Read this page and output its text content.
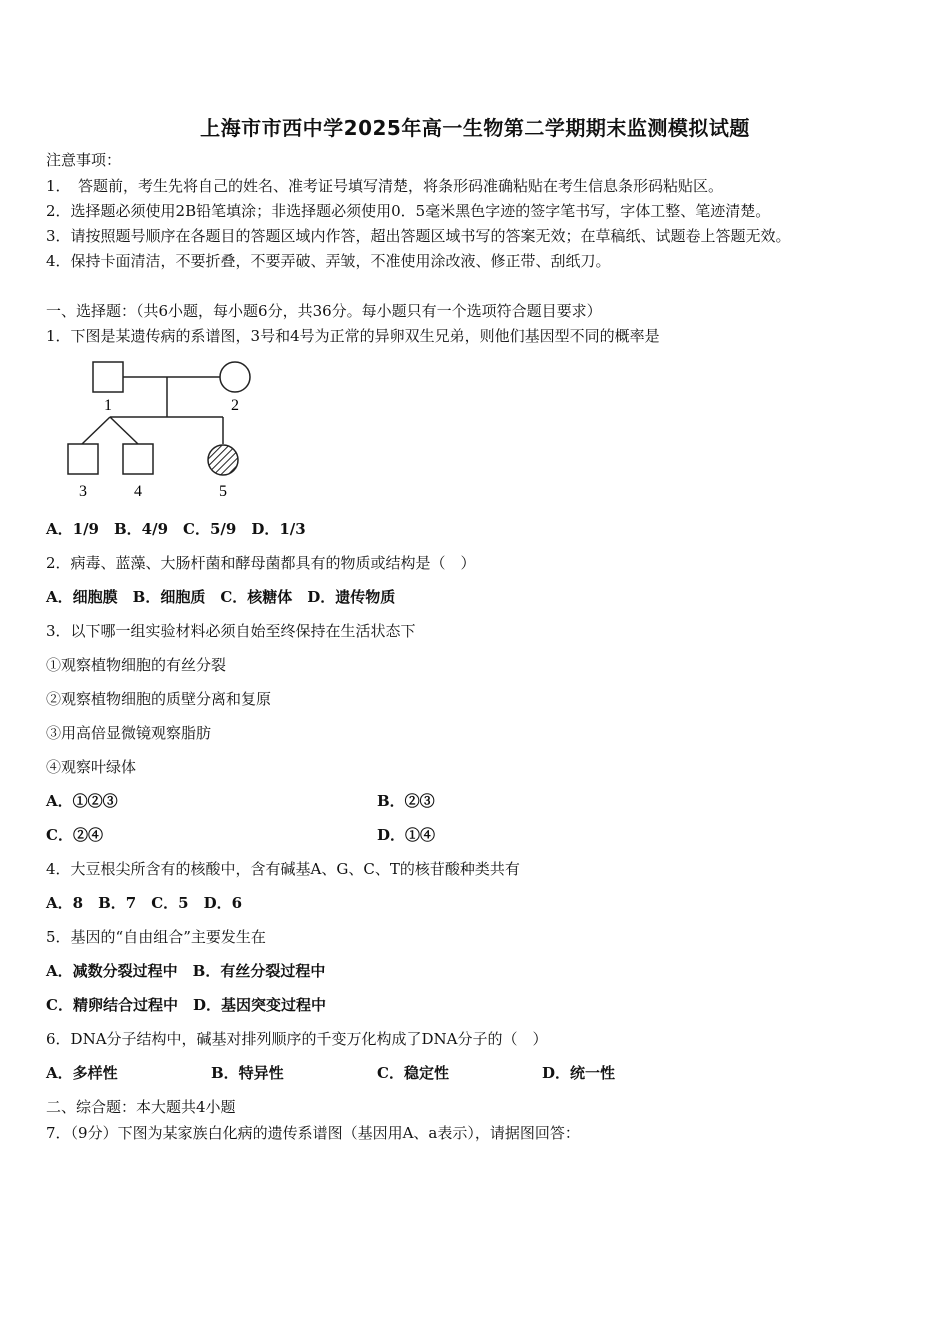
上海市市西中学2025年高一生物第二学期期末监测模拟试题
注意事项：
1．　答题前，考生先将自己的姓名、准考证号填写清楚，将条形码准确粘贴在考生信息条形码粘贴区。
2．选择题必须使用2B铅笔填涂；非选择题必须使用0．5毫米黑色字迹的签字笔书写，字体工整、笔迹清楚。
3．请按照题号顺序在各题目的答题区域内作答，超出答题区域书写的答案无效；在草稿纸、试题卷上答题无效。
4．保持卡面清洁，不要折叠，不要弄破、弄皱，不准使用涂改液、修正带、刮纸刀。
一、选择题：（共6小题，每小题6分，共36分。每小题只有一个选项符合题目要求）
1．下图是某遗传病的系谱图，3号和4号为正常的异卵双生兄弟，则他们基因型不同的概率是
1	2
3	4	5
A．1/9　B．4/9　C．5/9　D．1/3
2．病毒、蓝藻、大肠杆菌和酵母菌都具有的物质或结构是（　）
A．细胞膜　B．细胞质　C．核糖体　D．遗传物质
3．以下哪一组实验材料必须自始至终保持在生活状态下
①观察植物细胞的有丝分裂
②观察植物细胞的质壁分离和复原
③用高倍显微镜观察脂肪
④观察叶绿体
A．①②③	B．②③
C．②④	D．①④
4．大豆根尖所含有的核酸中，含有碱基A、G、C、T的核苷酸种类共有
A．8　B．7　C．5　D．6
5．基因的“自由组合”主要发生在
A．减数分裂过程中　B．有丝分裂过程中
C．精卵结合过程中　D．基因突变过程中
6．DNA分子结构中，碱基对排列顺序的千变万化构成了DNA分子的（　）
A．多样性	B．特异性	C．稳定性	D．统一性
二、综合题：本大题共4小题
7．（9分）下图为某家族白化病的遗传系谱图（基因用A、a表示），请据图回答：
